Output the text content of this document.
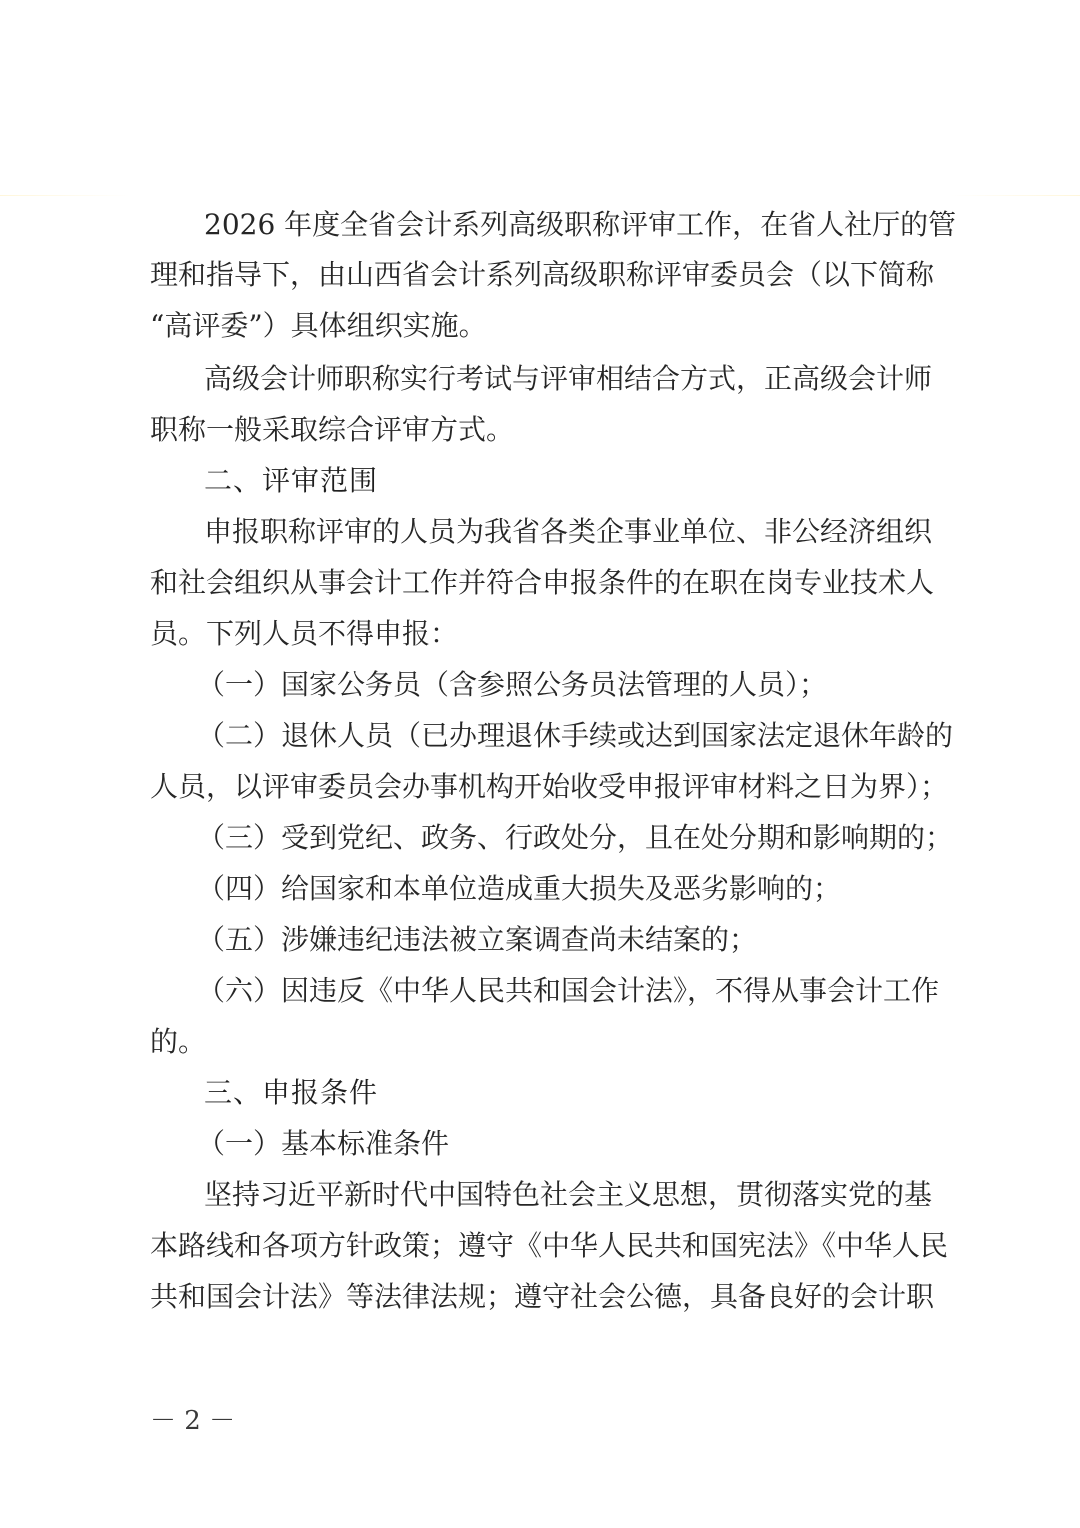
2026 年度全省会计系列高级职称评审工作，在省人社厅的管
理和指导下，由山西省会计系列高级职称评审委员会（以下简称
“高评委”）具体组织实施。
高级会计师职称实行考试与评审相结合方式，正高级会计师
职称一般采取综合评审方式。
二、评审范围
申报职称评审的人员为我省各类企事业单位、非公经济组织
和社会组织从事会计工作并符合申报条件的在职在岗专业技术人
员。下列人员不得申报：
（一）国家公务员（含参照公务员法管理的人员）；
（二）退休人员（已办理退休手续或达到国家法定退休年龄的
人员，以评审委员会办事机构开始收受申报评审材料之日为界）；
（三）受到党纪、政务、行政处分，且在处分期和影响期的；
（四）给国家和本单位造成重大损失及恶劣影响的；
（五）涉嫌违纪违法被立案调查尚未结案的；
（六）因违反《中华人民共和国会计法》，不得从事会计工作
的。
三、申报条件
（一）基本标准条件
坚持习近平新时代中国特色社会主义思想，贯彻落实党的基
本路线和各项方针政策；遵守《中华人民共和国宪法》《中华人民
共和国会计法》等法律法规；遵守社会公德，具备良好的会计职
－ 2 －
